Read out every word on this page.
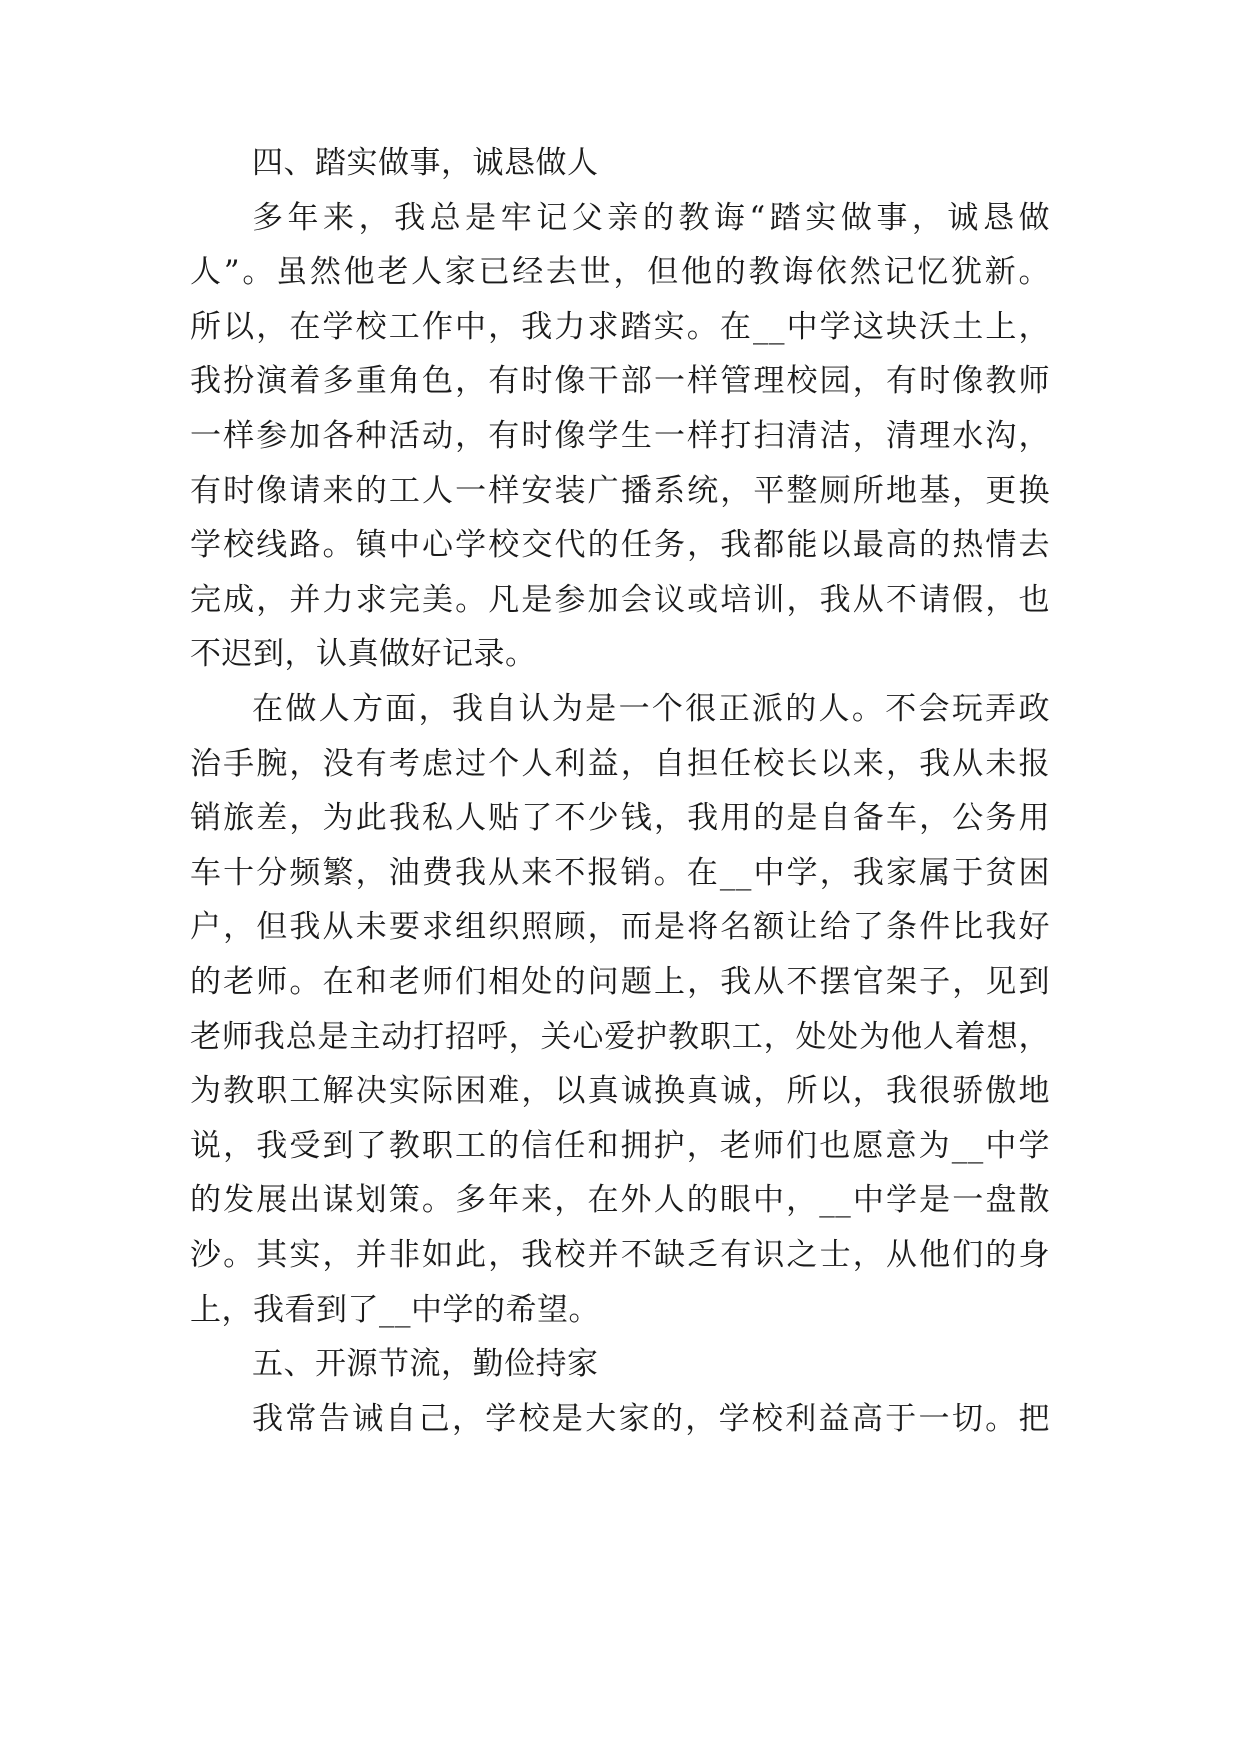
四、踏实做事，诚恳做人
多年来，我总是牢记父亲的教诲“踏实做事，诚恳做
人”。虽然他老人家已经去世，但他的教诲依然记忆犹新。
所以，在学校工作中，我力求踏实。在__中学这块沃土上，
我扮演着多重角色，有时像干部一样管理校园，有时像教师
一样参加各种活动，有时像学生一样打扫清洁，清理水沟，
有时像请来的工人一样安装广播系统，平整厕所地基，更换
学校线路。镇中心学校交代的任务，我都能以最高的热情去
完成，并力求完美。凡是参加会议或培训，我从不请假，也
不迟到，认真做好记录。
在做人方面，我自认为是一个很正派的人。不会玩弄政
治手腕，没有考虑过个人利益，自担任校长以来，我从未报
销旅差，为此我私人贴了不少钱，我用的是自备车，公务用
车十分频繁，油费我从来不报销。在__中学，我家属于贫困
户，但我从未要求组织照顾，而是将名额让给了条件比我好
的老师。在和老师们相处的问题上，我从不摆官架子，见到
老师我总是主动打招呼，关心爱护教职工，处处为他人着想，
为教职工解决实际困难，以真诚换真诚，所以，我很骄傲地
说，我受到了教职工的信任和拥护，老师们也愿意为__中学
的发展出谋划策。多年来，在外人的眼中，__中学是一盘散
沙。其实，并非如此，我校并不缺乏有识之士，从他们的身
上，我看到了__中学的希望。
五、开源节流，勤俭持家
我常告诫自己，学校是大家的，学校利益高于一切。把
